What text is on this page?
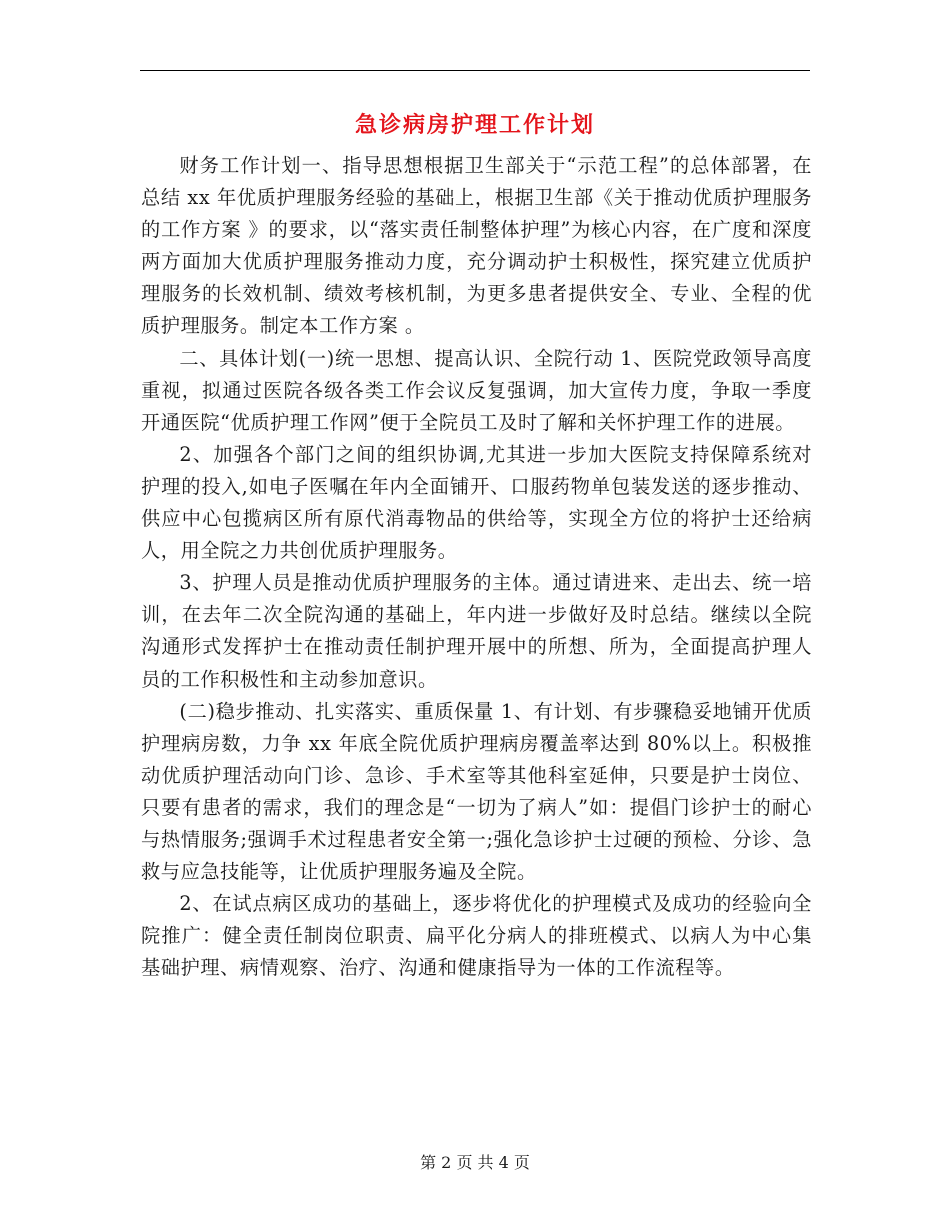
急诊病房护理工作计划

财务工作计划一、指导思想根据卫生部关于“示范工程”的总体部署，在总结 xx 年优质护理服务经验的基础上，根据卫生部《关于推动优质护理服务的工作方案 》的要求，以“落实责任制整体护理”为核心内容，在广度和深度两方面加大优质护理服务推动力度，充分调动护士积极性，探究建立优质护理服务的长效机制、绩效考核机制，为更多患者提供安全、专业、全程的优质护理服务。制定本工作方案 。

二、具体计划(一)统一思想、提高认识、全院行动 1、医院党政领导高度重视，拟通过医院各级各类工作会议反复强调，加大宣传力度，争取一季度开通医院“优质护理工作网”便于全院员工及时了解和关怀护理工作的进展。

2、加强各个部门之间的组织协调,尤其进一步加大医院支持保障系统对护理的投入,如电子医嘱在年内全面铺开、口服药物单包装发送的逐步推动、供应中心包揽病区所有原代消毒物品的供给等，实现全方位的将护士还给病人，用全院之力共创优质护理服务。

3、护理人员是推动优质护理服务的主体。通过请进来、走出去、统一培训，在去年二次全院沟通的基础上，年内进一步做好及时总结。继续以全院沟通形式发挥护士在推动责任制护理开展中的所想、所为，全面提高护理人员的工作积极性和主动参加意识。

(二)稳步推动、扎实落实、重质保量 1、有计划、有步骤稳妥地铺开优质护理病房数，力争 xx 年底全院优质护理病房覆盖率达到 80%以上。积极推动优质护理活动向门诊、急诊、手术室等其他科室延伸，只要是护士岗位、只要有患者的需求，我们的理念是“一切为了病人”如：提倡门诊护士的耐心与热情服务;强调手术过程患者安全第一;强化急诊护士过硬的预检、分诊、急救与应急技能等，让优质护理服务遍及全院。

2、在试点病区成功的基础上，逐步将优化的护理模式及成功的经验向全院推广：健全责任制岗位职责、扁平化分病人的排班模式、以病人为中心集基础护理、病情观察、治疗、沟通和健康指导为一体的工作流程等。

第 2 页 共 4 页
